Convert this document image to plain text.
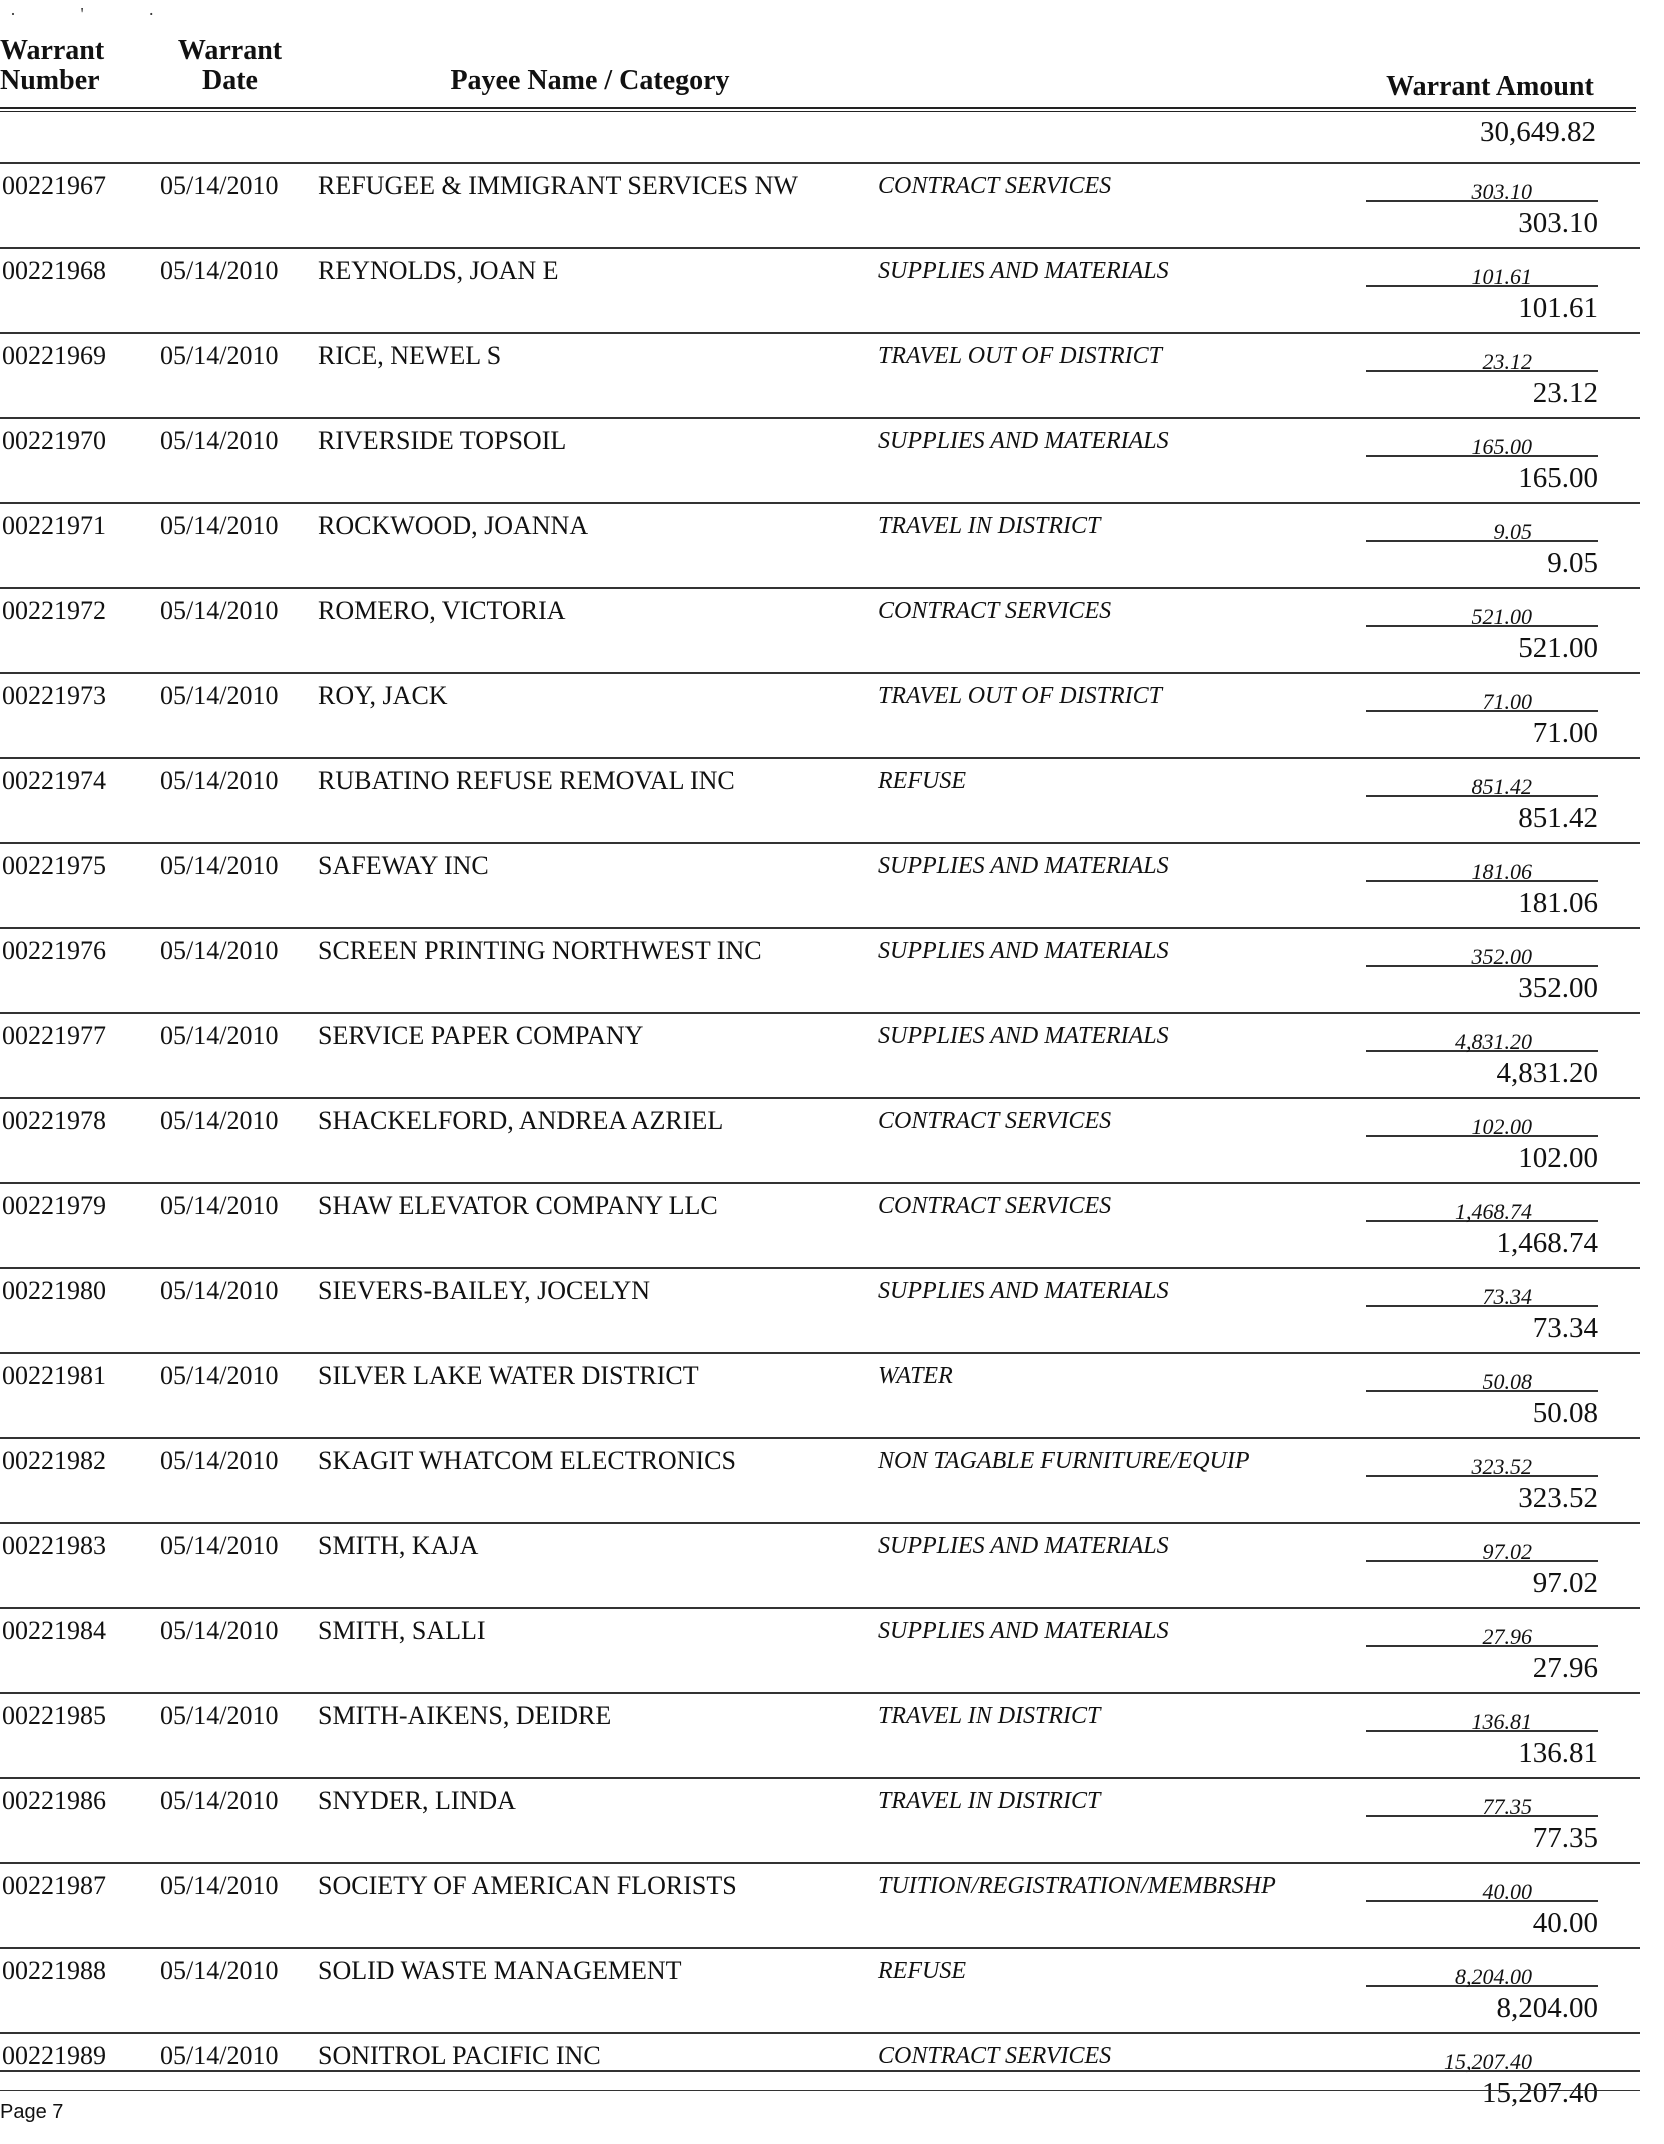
· ' ·
Warrant
Number
Warrant
Date	Payee Name / Category	Warrant Amount
30,649.82
00221967	05/14/2010	REFUGEE & IMMIGRANT SERVICES NW	CONTRACT SERVICES	303.10
303.10
00221968	05/14/2010	REYNOLDS, JOAN E	SUPPLIES AND MATERIALS	101.61
101.61
00221969	05/14/2010	RICE, NEWEL S	TRAVEL OUT OF DISTRICT	23.12
23.12
00221970	05/14/2010	RIVERSIDE TOPSOIL	SUPPLIES AND MATERIALS	165.00
165.00
00221971	05/14/2010	ROCKWOOD, JOANNA	TRAVEL IN DISTRICT	9.05
9.05
00221972	05/14/2010	ROMERO, VICTORIA	CONTRACT SERVICES	521.00
521.00
00221973	05/14/2010	ROY, JACK	TRAVEL OUT OF DISTRICT	71.00
71.00
00221974	05/14/2010	RUBATINO REFUSE REMOVAL INC	REFUSE	851.42
851.42
00221975	05/14/2010	SAFEWAY INC	SUPPLIES AND MATERIALS	181.06
181.06
00221976	05/14/2010	SCREEN PRINTING NORTHWEST INC	SUPPLIES AND MATERIALS	352.00
352.00
00221977	05/14/2010	SERVICE PAPER COMPANY	SUPPLIES AND MATERIALS	4,831.20
4,831.20
00221978	05/14/2010	SHACKELFORD, ANDREA AZRIEL	CONTRACT SERVICES	102.00
102.00
00221979	05/14/2010	SHAW ELEVATOR COMPANY LLC	CONTRACT SERVICES	1,468.74
1,468.74
00221980	05/14/2010	SIEVERS-BAILEY, JOCELYN	SUPPLIES AND MATERIALS	73.34
73.34
00221981	05/14/2010	SILVER LAKE WATER DISTRICT	WATER	50.08
50.08
00221982	05/14/2010	SKAGIT WHATCOM ELECTRONICS	NON TAGABLE FURNITURE/EQUIP	323.52
323.52
00221983	05/14/2010	SMITH, KAJA	SUPPLIES AND MATERIALS	97.02
97.02
00221984	05/14/2010	SMITH, SALLI	SUPPLIES AND MATERIALS	27.96
27.96
00221985	05/14/2010	SMITH-AIKENS, DEIDRE	TRAVEL IN DISTRICT	136.81
136.81
00221986	05/14/2010	SNYDER, LINDA	TRAVEL IN DISTRICT	77.35
77.35
00221987	05/14/2010	SOCIETY OF AMERICAN FLORISTS	TUITION/REGISTRATION/MEMBRSHP	40.00
40.00
00221988	05/14/2010	SOLID WASTE MANAGEMENT	REFUSE	8,204.00
8,204.00
00221989	05/14/2010	SONITROL PACIFIC INC	CONTRACT SERVICES	15,207.40
15,207.40
Page 7
